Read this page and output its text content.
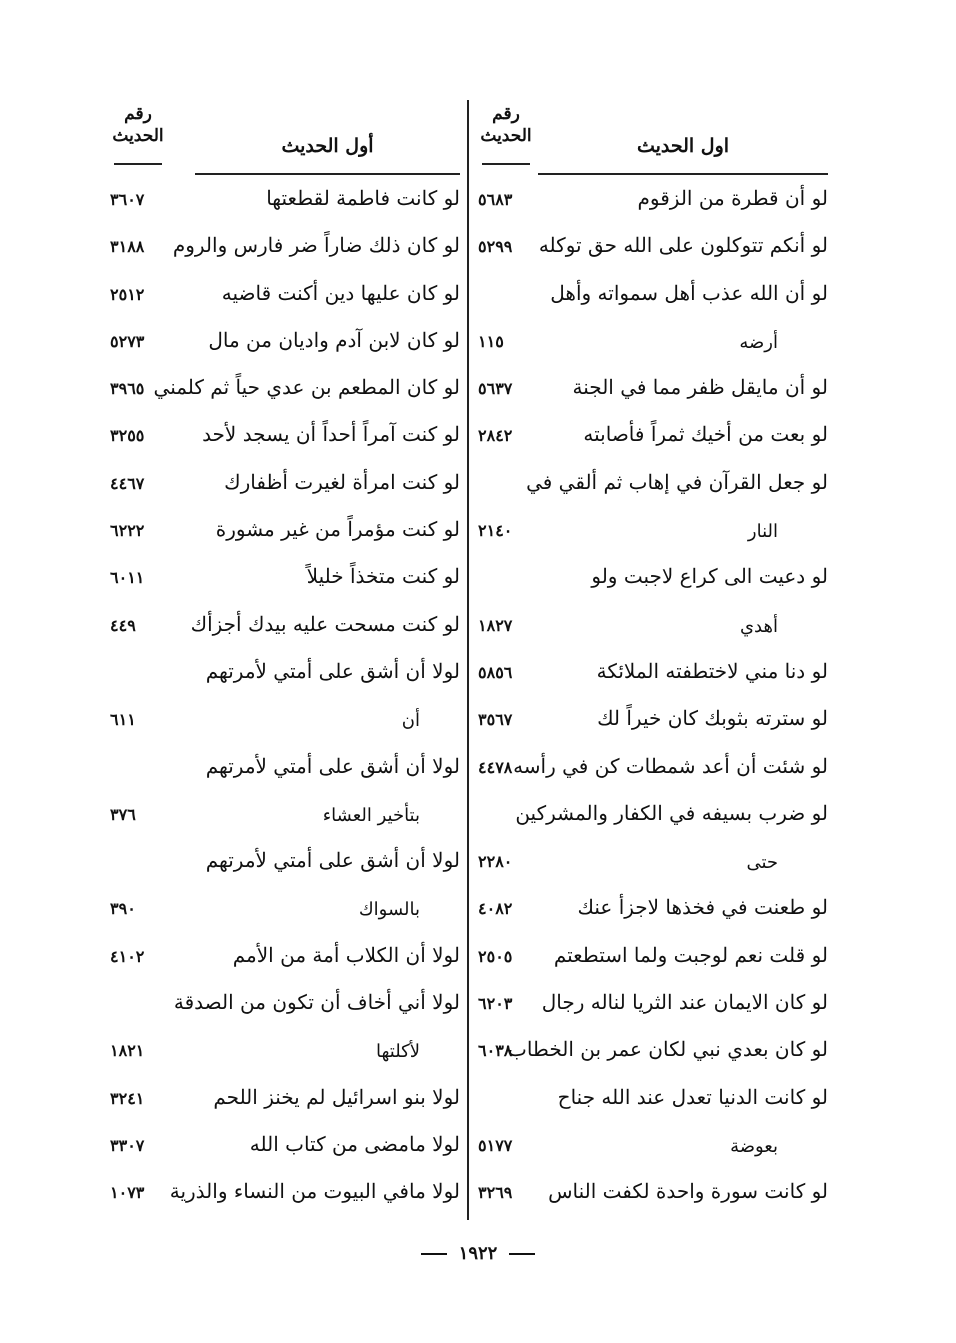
رقم
الحديث	اول الحديث
لو أن قطرة من الزقوم
٥٦٨٣
لو أنكم تتوكلون على الله حق توكله
٥٢٩٩
لو أن الله عذب أهل سمواته وأهل
أرضه
١١٥
لو أن مايقل ظفر مما في الجنة
٥٦٣٧
لو بعت من أخيك ثمراً فأصابته
٢٨٤٢
لو جعل القرآن في إهاب ثم ألقي في
النار
٢١٤٠
لو دعيت الى كراع لاجبت ولو
أهدي
١٨٢٧
لو دنا مني لاختطفته الملائكة
٥٨٥٦
لو سترته بثوبك كان خيراً لك
٣٥٦٧
لو شئت أن أعد شمطات كن في رأسه
٤٤٧٨
لو ضرب بسيفه في الكفار والمشركين
حتى
٢٢٨٠
لو طعنت في فخذها لاجزأ عنك
٤٠٨٢
لو قلت نعم لوجبت ولما استطعتم
٢٥٠٥
لو كان الايمان عند الثريا لناله رجال
٦٢٠٣
لو كان بعدي نبي لكان عمر بن الخطاب
٦٠٣٨
لو كانت الدنيا تعدل عند الله جناح
بعوضة
٥١٧٧
لو كانت سورة واحدة لكفت الناس
٣٢٦٩
رقم
الحديث	أول الحديث
لو كانت فاطمة لقطعتها
٣٦٠٧
لو كان ذلك ضاراً ضر فارس والروم
٣١٨٨
لو كان عليها دين أكنت قاضيه
٢٥١٢
لو كان لابن آدم واديان من مال
٥٢٧٣
لو كان المطعم بن عدي حياً ثم كلمني
٣٩٦٥
لو كنت آمراً أحداً أن يسجد لأحد
٣٢٥٥
لو كنت امرأة لغيرت أظفارك
٤٤٦٧
لو كنت مؤمراً من غير مشورة
٦٢٢٢
لو كنت متخذاً خليلاً
٦٠١١
لو كنت مسحت عليه بيدك أجزأك
٤٤٩
لولا أن أشق على أمتي لأمرتهم
أن
٦١١
لولا أن أشق على أمتي لأمرتهم
بتأخير العشاء
٣٧٦
لولا أن أشق على أمتي لأمرتهم
بالسواك
٣٩٠
لولا أن الكلاب أمة من الأمم
٤١٠٢
لولا أني أخاف أن تكون من الصدقة
لأكلتها
١٨٢١
لولا بنو اسرائيل لم يخنز اللحم
٣٢٤١
لولا مامضى من كتاب الله
٣٣٠٧
لولا مافي البيوت من النساء والذرية
١٠٧٣
١٩٢٢
